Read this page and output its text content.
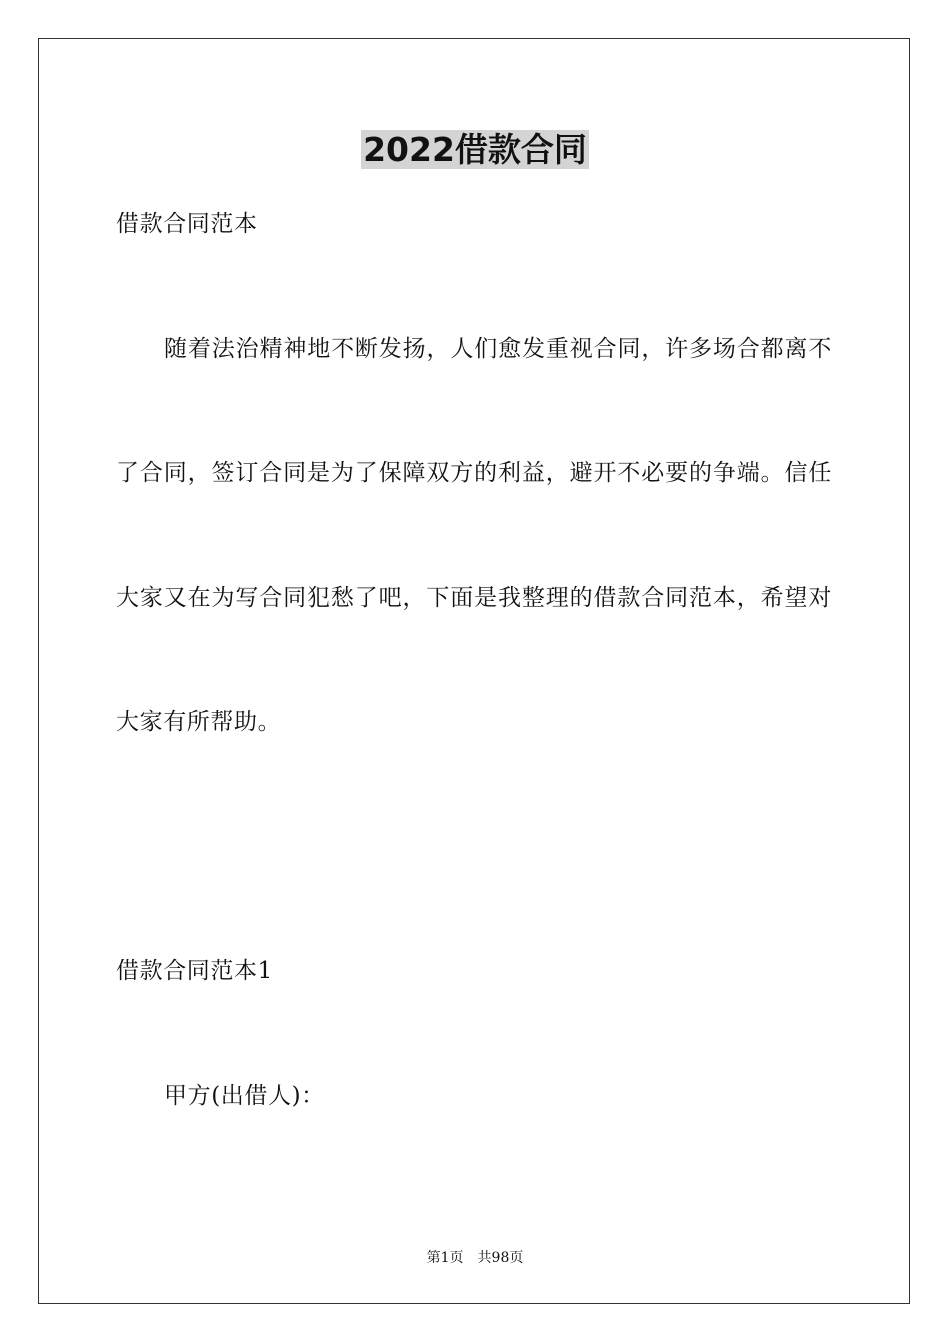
2022借款合同
借款合同范本
随着法治精神地不断发扬，人们愈发重视合同，许多场合都离不
了合同，签订合同是为了保障双方的利益，避开不必要的争端。信任
大家又在为写合同犯愁了吧，下面是我整理的借款合同范本，希望对
大家有所帮助。
借款合同范本1
甲方(出借人)：
第1页　共98页
